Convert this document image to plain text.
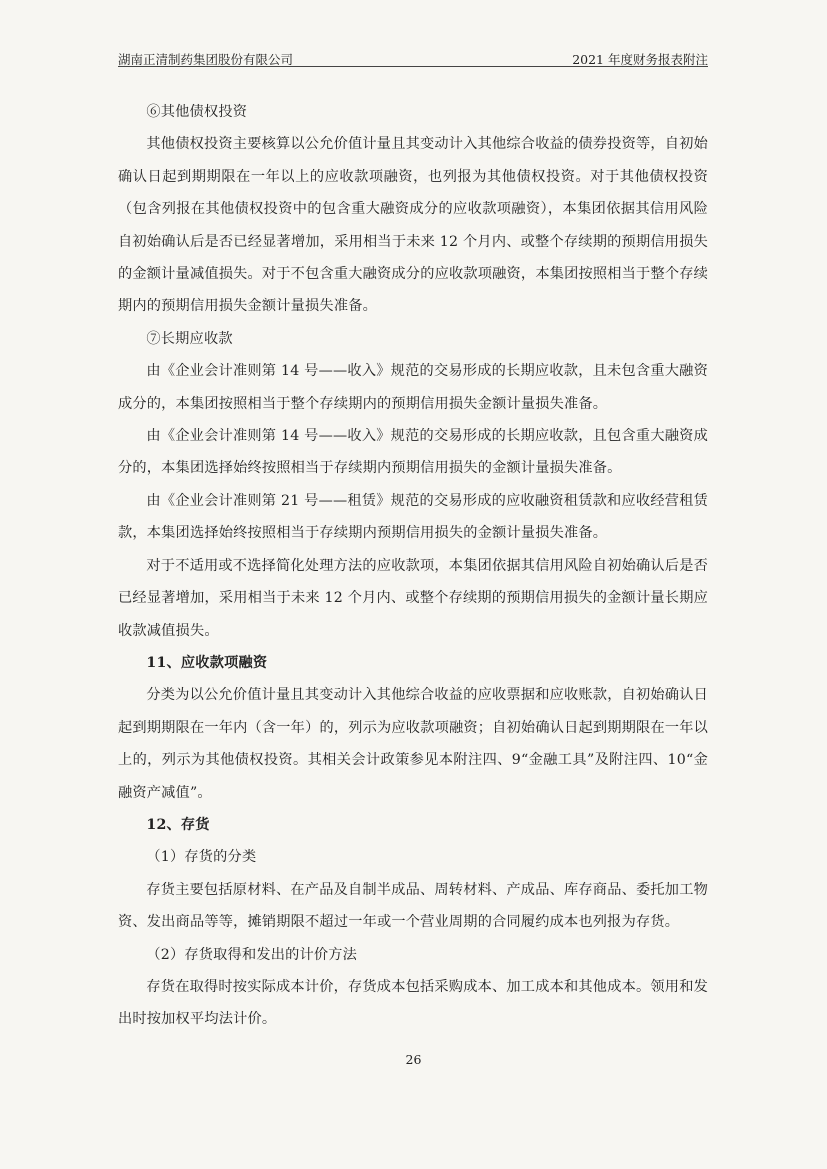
湖南正清制药集团股份有限公司	2021 年度财务报表附注

⑥其他债权投资

其他债权投资主要核算以公允价值计量且其变动计入其他综合收益的债券投资等，自初始确认日起到期期限在一年以上的应收款项融资，也列报为其他债权投资。对于其他债权投资（包含列报在其他债权投资中的包含重大融资成分的应收款项融资），本集团依据其信用风险自初始确认后是否已经显著增加，采用相当于未来 12 个月内、或整个存续期的预期信用损失的金额计量减值损失。对于不包含重大融资成分的应收款项融资，本集团按照相当于整个存续期内的预期信用损失金额计量损失准备。

⑦长期应收款

由《企业会计准则第 14 号——收入》规范的交易形成的长期应收款，且未包含重大融资成分的，本集团按照相当于整个存续期内的预期信用损失金额计量损失准备。

由《企业会计准则第 14 号——收入》规范的交易形成的长期应收款，且包含重大融资成分的，本集团选择始终按照相当于存续期内预期信用损失的金额计量损失准备。

由《企业会计准则第 21 号——租赁》规范的交易形成的应收融资租赁款和应收经营租赁款，本集团选择始终按照相当于存续期内预期信用损失的金额计量损失准备。

对于不适用或不选择简化处理方法的应收款项，本集团依据其信用风险自初始确认后是否已经显著增加，采用相当于未来 12 个月内、或整个存续期的预期信用损失的金额计量长期应收款减值损失。

11、应收款项融资

分类为以公允价值计量且其变动计入其他综合收益的应收票据和应收账款，自初始确认日起到期期限在一年内（含一年）的，列示为应收款项融资；自初始确认日起到期期限在一年以上的，列示为其他债权投资。其相关会计政策参见本附注四、9“金融工具”及附注四、10“金融资产减值”。

12、存货

（1）存货的分类

存货主要包括原材料、在产品及自制半成品、周转材料、产成品、库存商品、委托加工物资、发出商品等等，摊销期限不超过一年或一个营业周期的合同履约成本也列报为存货。

（2）存货取得和发出的计价方法

存货在取得时按实际成本计价，存货成本包括采购成本、加工成本和其他成本。领用和发出时按加权平均法计价。

26
